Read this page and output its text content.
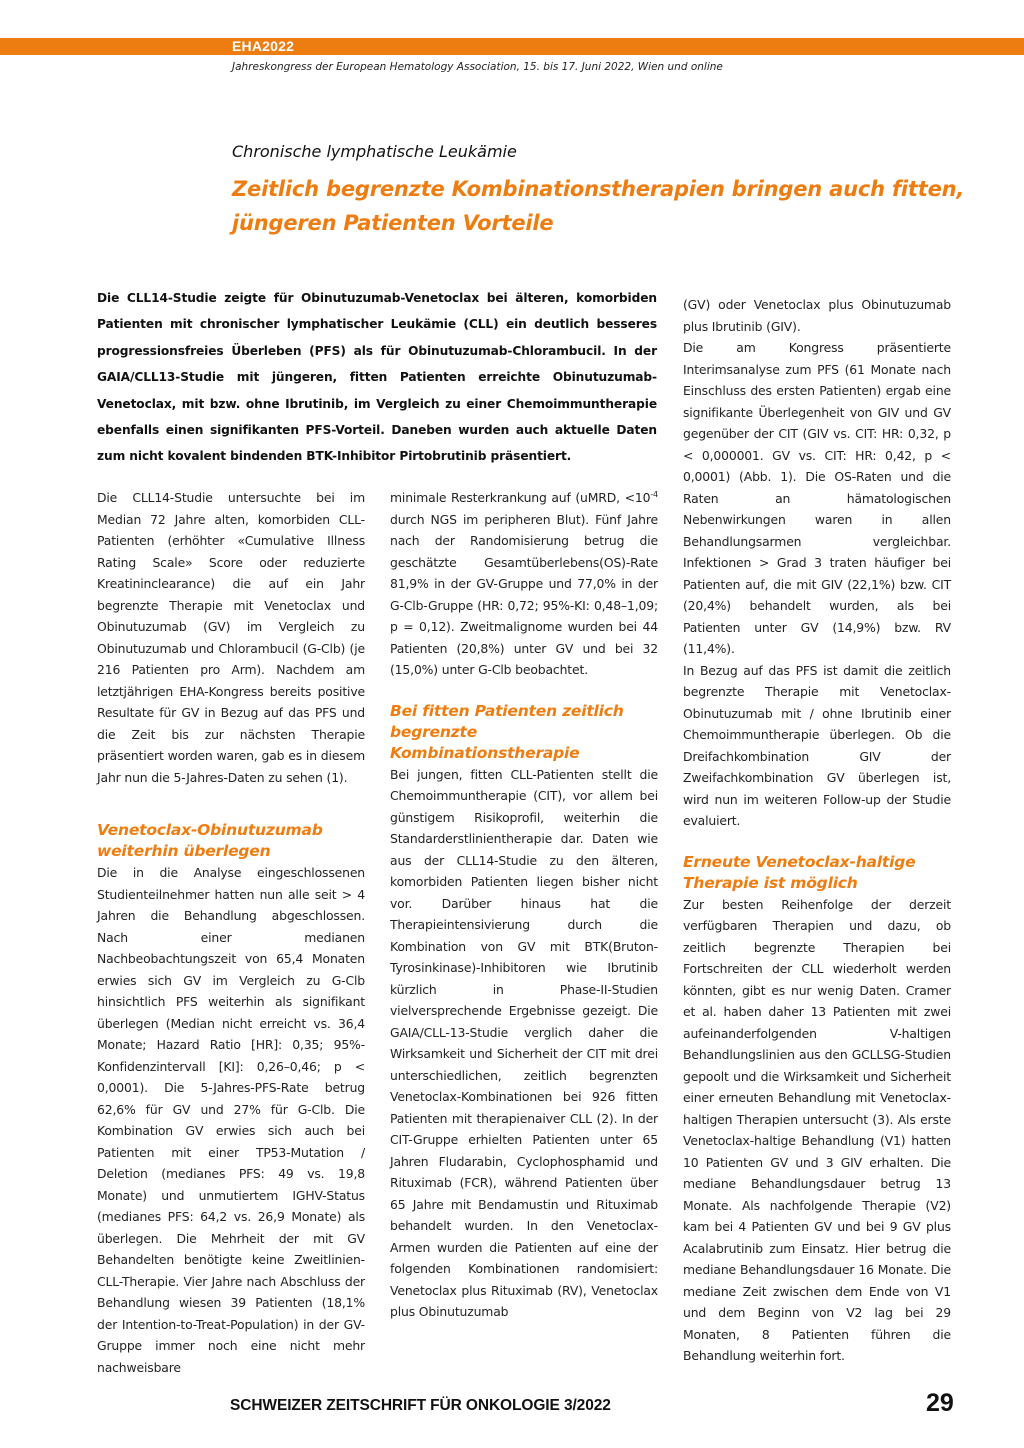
EHA2022
Jahreskongress der European Hematology Association, 15. bis 17. Juni 2022, Wien und online
Chronische lymphatische Leukämie
Zeitlich begrenzte Kombinationstherapien bringen auch fitten, jüngeren Patienten Vorteile

Die CLL14-Studie zeigte für Obinutuzumab-Venetoclax bei älteren, komorbiden Patienten mit chronischer lymphatischer Leukämie (CLL) ein deutlich besseres progressionsfreies Überleben (PFS) als für Obinutuzumab-Chlorambucil. In der GAIA/CLL13-Studie mit jüngeren, fitten Patienten erreichte Obinutuzumab-Venetoclax, mit bzw. ohne Ibrutinib, im Vergleich zu einer Chemoimmuntherapie ebenfalls einen signifikanten PFS-Vorteil. Daneben wurden auch aktuelle Daten zum nicht kovalent bindenden BTK-Inhibitor Pirtobrutinib präsentiert.

Die CLL14-Studie untersuchte bei im Median 72 Jahre alten, komorbiden CLL-Patienten (erhöhter «Cumulative Illness Rating Scale» Score oder reduzierte Kreatininclearance) die auf ein Jahr begrenzte Therapie mit Venetoclax und Obinutuzumab (GV) im Vergleich zu Obinutuzumab und Chlorambucil (G-Clb) (je 216 Patienten pro Arm). Nachdem am letztjährigen EHA-Kongress bereits positive Resultate für GV in Bezug auf das PFS und die Zeit bis zur nächsten Therapie präsentiert worden waren, gab es in diesem Jahr nun die 5-Jahres-Daten zu sehen (1).

Venetoclax-Obinutuzumab weiterhin überlegen

Die in die Analyse eingeschlossenen Studienteilnehmer hatten nun alle seit > 4 Jahren die Behandlung abgeschlossen. Nach einer medianen Nachbeobachtungszeit von 65,4 Monaten erwies sich GV im Vergleich zu G-Clb hinsichtlich PFS weiterhin als signifikant überlegen (Median nicht erreicht vs. 36,4 Monate; Hazard Ratio [HR]: 0,35; 95%-Konfidenzintervall [KI]: 0,26–0,46; p < 0,0001). Die 5-Jahres-PFS-Rate betrug 62,6% für GV und 27% für G-Clb. Die Kombination GV erwies sich auch bei Patienten mit einer TP53-Mutation / Deletion (medianes PFS: 49 vs. 19,8 Monate) und unmutiertem IGHV-Status (medianes PFS: 64,2 vs. 26,9 Monate) als überlegen. Die Mehrheit der mit GV Behandelten benötigte keine Zweitlinien-CLL-Therapie. Vier Jahre nach Abschluss der Behandlung wiesen 39 Patienten (18,1% der Intention-to-Treat-Population) in der GV-Gruppe immer noch eine nicht mehr nachweisbare

minimale Resterkrankung auf (uMRD, $<10^{-4}$ durch NGS im peripheren Blut). Fünf Jahre nach der Randomisierung betrug die geschätzte Gesamtüberlebens(OS)-Rate 81,9% in der GV-Gruppe und 77,0% in der G-Clb-Gruppe (HR: 0,72; 95%-KI: 0,48–1,09; p = 0,12). Zweitmalignome wurden bei 44 Patienten (20,8%) unter GV und bei 32 (15,0%) unter G-Clb beobachtet.

Bei fitten Patienten zeitlich begrenzte Kombinationstherapie

Bei jungen, fitten CLL-Patienten stellt die Chemoimmuntherapie (CIT), vor allem bei günstigem Risikoprofil, weiterhin die Standarderstlinientherapie dar. Daten wie aus der CLL14-Studie zu den älteren, komorbiden Patienten liegen bisher nicht vor. Darüber hinaus hat die Therapieintensivierung durch die Kombination von GV mit BTK(Bruton-Tyrosinkinase)-Inhibitoren wie Ibrutinib kürzlich in Phase-II-Studien vielversprechende Ergebnisse gezeigt. Die GAIA/CLL-13-Studie verglich daher die Wirksamkeit und Sicherheit der CIT mit drei unterschiedlichen, zeitlich begrenzten Venetoclax-Kombinationen bei 926 fitten Patienten mit therapienaiver CLL (2). In der CIT-Gruppe erhielten Patienten unter 65 Jahren Fludarabin, Cyclophosphamid und Rituximab (FCR), während Patienten über 65 Jahre mit Bendamustin und Rituximab behandelt wurden. In den Venetoclax-Armen wurden die Patienten auf eine der folgenden Kombinationen randomisiert: Venetoclax plus Rituximab (RV), Venetoclax plus Obinutuzumab

(GV) oder Venetoclax plus Obinutuzumab plus Ibrutinib (GIV).

Die am Kongress präsentierte Interimsanalyse zum PFS (61 Monate nach Einschluss des ersten Patienten) ergab eine signifikante Überlegenheit von GIV und GV gegenüber der CIT (GIV vs. CIT: HR: 0,32, p < 0,000001. GV vs. CIT: HR: 0,42, p < 0,0001) (Abb. 1). Die OS-Raten und die Raten an hämatologischen Nebenwirkungen waren in allen Behandlungsarmen vergleichbar. Infektionen > Grad 3 traten häufiger bei Patienten auf, die mit GIV (22,1%) bzw. CIT (20,4%) behandelt wurden, als bei Patienten unter GV (14,9%) bzw. RV (11,4%).

In Bezug auf das PFS ist damit die zeitlich begrenzte Therapie mit Venetoclax-Obinutuzumab mit / ohne Ibrutinib einer Chemoimmuntherapie überlegen. Ob die Dreifachkombination GIV der Zweifachkombination GV überlegen ist, wird nun im weiteren Follow-up der Studie evaluiert.

Erneute Venetoclax-haltige Therapie ist möglich

Zur besten Reihenfolge der derzeit verfügbaren Therapien und dazu, ob zeitlich begrenzte Therapien bei Fortschreiten der CLL wiederholt werden könnten, gibt es nur wenig Daten. Cramer et al. haben daher 13 Patienten mit zwei aufeinanderfolgenden V-haltigen Behandlungslinien aus den GCLLSG-Studien gepoolt und die Wirksamkeit und Sicherheit einer erneuten Behandlung mit Venetoclax-haltigen Therapien untersucht (3). Als erste Venetoclax-haltige Behandlung (V1) hatten 10 Patienten GV und 3 GIV erhalten. Die mediane Behandlungsdauer betrug 13 Monate. Als nachfolgende Therapie (V2) kam bei 4 Patienten GV und bei 9 GV plus Acalabrutinib zum Einsatz. Hier betrug die mediane Behandlungsdauer 16 Monate. Die mediane Zeit zwischen dem Ende von V1 und dem Beginn von V2 lag bei 29 Monaten, 8 Patienten führen die Behandlung weiterhin fort.

SCHWEIZER ZEITSCHRIFT FÜR ONKOLOGIE 3/2022	29
